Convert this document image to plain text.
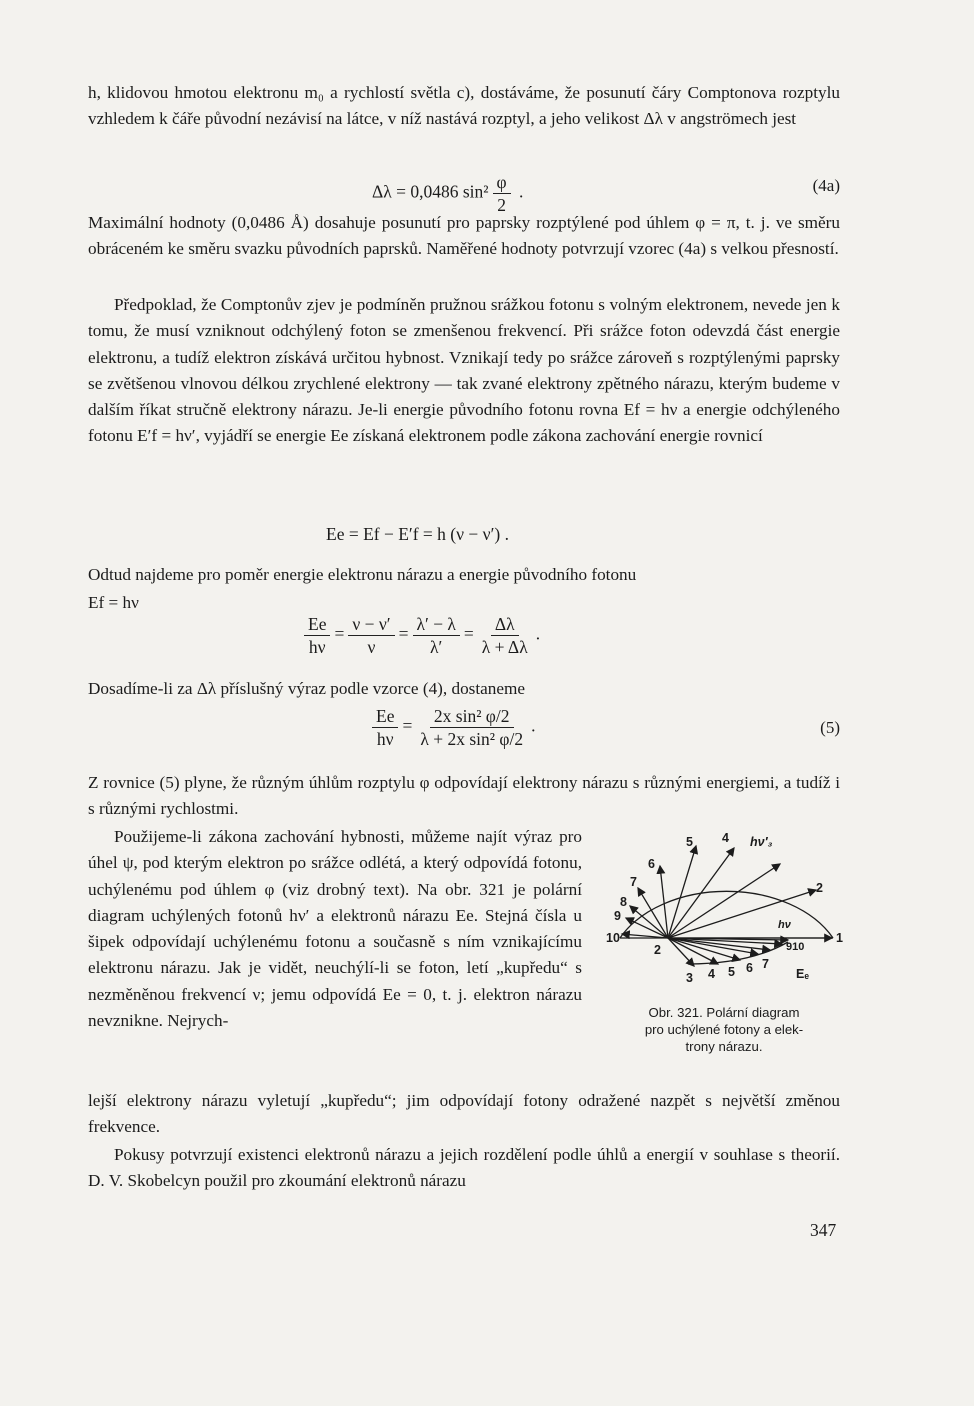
h, klidovou hmotou elektronu m₀ a rychlostí světla c), dostáváme, že posunutí čáry Comptonova rozptylu vzhledem k čáře původní nezávisí na látce, v níž nastává rozptyl, a jeho velikost Δλ v angströmech jest
Δλ = 0,0486 $\sin^2 \frac{\varphi}{2}$ .	(4a)
Maximální hodnoty (0,0486 Å) dosahuje posunutí pro paprsky rozptýlené pod úhlem φ = π, t. j. ve směru obráceném ke směru svazku původních paprsků. Naměřené hodnoty potvrzují vzorec (4a) s velkou přesností.
Předpoklad, že Comptonův zjev je podmíněn pružnou srážkou fotonu s volným elektronem, nevede jen k tomu, že musí vzniknout odchýlený foton se zmenšenou frekvencí. Při srážce foton odevzdá část energie elektronu, a tudíž elektron získává určitou hybnost. Vznikají tedy po srážce zároveň s rozptýlenými paprsky se zvětšenou vlnovou délkou zrychlené elektrony — tak zvané elektrony zpětného nárazu, kterým budeme v dalším říkat stručně elektrony nárazu. Je-li energie původního fotonu rovna Ef = hν a energie odchýleného fotonu E′f = hν′, vyjádří se energie Ee získaná elektronem podle zákona zachování energie rovnicí
Ee = Ef − E′f = h (ν − ν′) .
Odtud najdeme pro poměr energie elektronu nárazu a energie původního fotonu
Ef = hν
$\frac{Ee}{h\nu} = \frac{\nu - \nu'}{\nu} = \frac{\lambda' - \lambda}{\lambda'} = \frac{\Delta\lambda}{\lambda + \Delta\lambda}$ .
Dosadíme-li za Δλ příslušný výraz podle vzorce (4), dostaneme
$\frac{Ee}{h\nu} = \frac{\text{2x sin² φ/2}}{\text{λ + 2x sin² φ/2}}$ .	(5)
Z rovnice (5) plyne, že různým úhlům rozptylu φ odpovídají elektrony nárazu s různými energiemi, a tudíž i s různými rychlostmi.
Použijeme-li zákona zachování hybnosti, můžeme najít výraz pro úhel ψ, pod kterým elektron po srážce odlétá, a který odpovídá fotonu, uchýlenému pod úhlem φ (viz drobný text). Na obr. 321 je polární diagram uchýlených fotonů hν′ a elektronů nárazu Ee. Stejná čísla u šipek odpovídají uchýlenému fotonu a současně s ním vznikajícímu elektronu nárazu. Jak je vidět, neuchýlí-li se foton, letí „kupředu“ s nezměněnou frekvencí ν; jemu odpovídá Ee = 0, t. j. elektron nárazu nevznikne. Nejrych-
1
2
4
5
6
7
8
9
10
2
3 4 5 6 7
910
hν′₃
hν
Eₑ
Obr. 321. Polární diagram
pro uchýlené fotony a elek-
trony nárazu.
lejší elektrony nárazu vyletují „kupředu“; jim odpovídají fotony odražené nazpět s největší změnou frekvence.
Pokusy potvrzují existenci elektronů nárazu a jejich rozdělení podle úhlů a energií v souhlase s theorií. D. V. Skobelcyn použil pro zkoumání elektronů nárazu
347
